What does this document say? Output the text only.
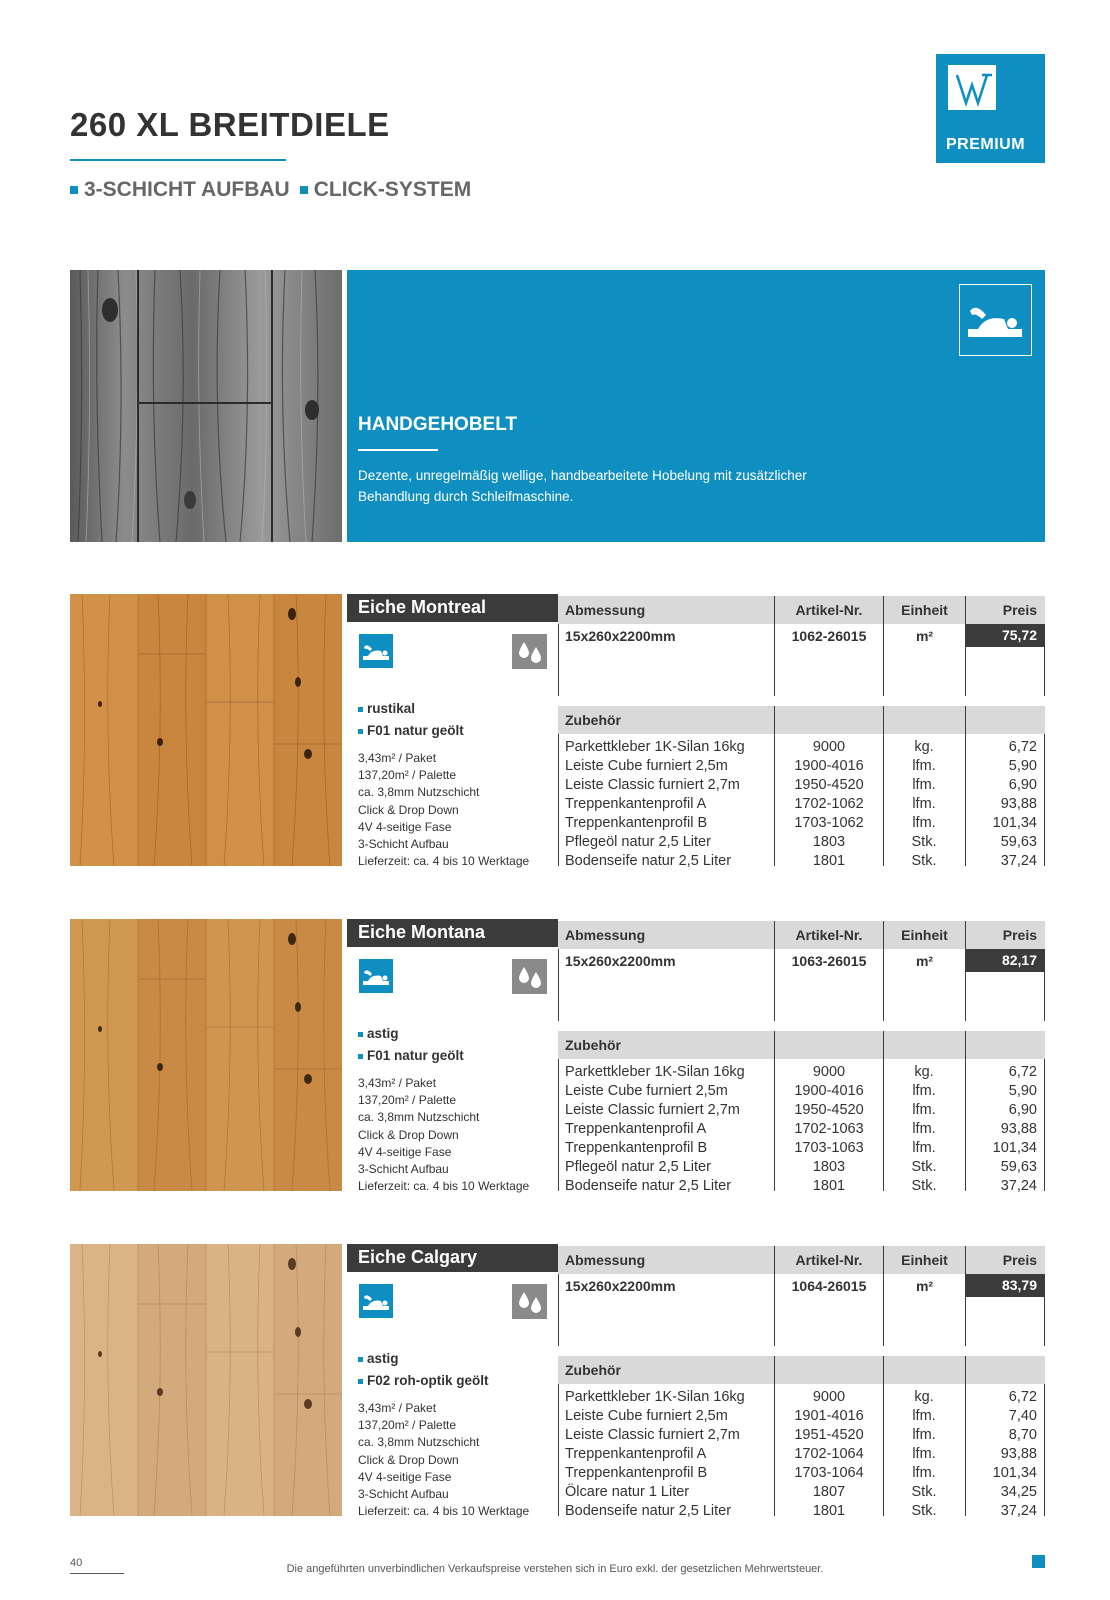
260 XL BREITDIELE
3-SCHICHT AUFBAU CLICK-SYSTEM
PREMIUM
HANDGEHOBELT
Dezente, unregelmäßig wellige, handbearbeitete Hobelung mit zusätzlicher Behandlung durch Schleifmaschine.
Eiche Montreal
rustikal
F01 natur geölt
3,43m² / Paket
137,20m² / Palette
ca. 3,8mm Nutzschicht
Click & Drop Down
4V 4-seitige Fase
3-Schicht Aufbau
Lieferzeit: ca. 4 bis 10 Werktage
Abmessung	Artikel-Nr.	Einheit	Preis
15x260x2200mm	1062-26015	m²	75,72
Zubehör
Parkettkleber 1K-Silan 16kg	9000	kg.	6,72
Leiste Cube furniert 2,5m	1900-4016	lfm.	5,90
Leiste Classic furniert 2,7m	1950-4520	lfm.	6,90
Treppenkantenprofil A	1702-1062	lfm.	93,88
Treppenkantenprofil B	1703-1062	lfm.	101,34
Pflegeöl natur 2,5 Liter	1803	Stk.	59,63
Bodenseife natur 2,5 Liter	1801	Stk.	37,24
Eiche Montana
astig
F01 natur geölt
3,43m² / Paket
137,20m² / Palette
ca. 3,8mm Nutzschicht
Click & Drop Down
4V 4-seitige Fase
3-Schicht Aufbau
Lieferzeit: ca. 4 bis 10 Werktage
Abmessung	Artikel-Nr.	Einheit	Preis
15x260x2200mm	1063-26015	m²	82,17
Zubehör
Parkettkleber 1K-Silan 16kg	9000	kg.	6,72
Leiste Cube furniert 2,5m	1900-4016	lfm.	5,90
Leiste Classic furniert 2,7m	1950-4520	lfm.	6,90
Treppenkantenprofil A	1702-1063	lfm.	93,88
Treppenkantenprofil B	1703-1063	lfm.	101,34
Pflegeöl natur 2,5 Liter	1803	Stk.	59,63
Bodenseife natur 2,5 Liter	1801	Stk.	37,24
Eiche Calgary
astig
F02 roh-optik geölt
3,43m² / Paket
137,20m² / Palette
ca. 3,8mm Nutzschicht
Click & Drop Down
4V 4-seitige Fase
3-Schicht Aufbau
Lieferzeit: ca. 4 bis 10 Werktage
Abmessung	Artikel-Nr.	Einheit	Preis
15x260x2200mm	1064-26015	m²	83,79
Zubehör
Parkettkleber 1K-Silan 16kg	9000	kg.	6,72
Leiste Cube furniert 2,5m	1901-4016	lfm.	7,40
Leiste Classic furniert 2,7m	1951-4520	lfm.	8,70
Treppenkantenprofil A	1702-1064	lfm.	93,88
Treppenkantenprofil B	1703-1064	lfm.	101,34
Ölcare natur 1 Liter	1807	Stk.	34,25
Bodenseife natur 2,5 Liter	1801	Stk.	37,24
40	Die angeführten unverbindlichen Verkaufspreise verstehen sich in Euro exkl. der gesetzlichen Mehrwertsteuer.
